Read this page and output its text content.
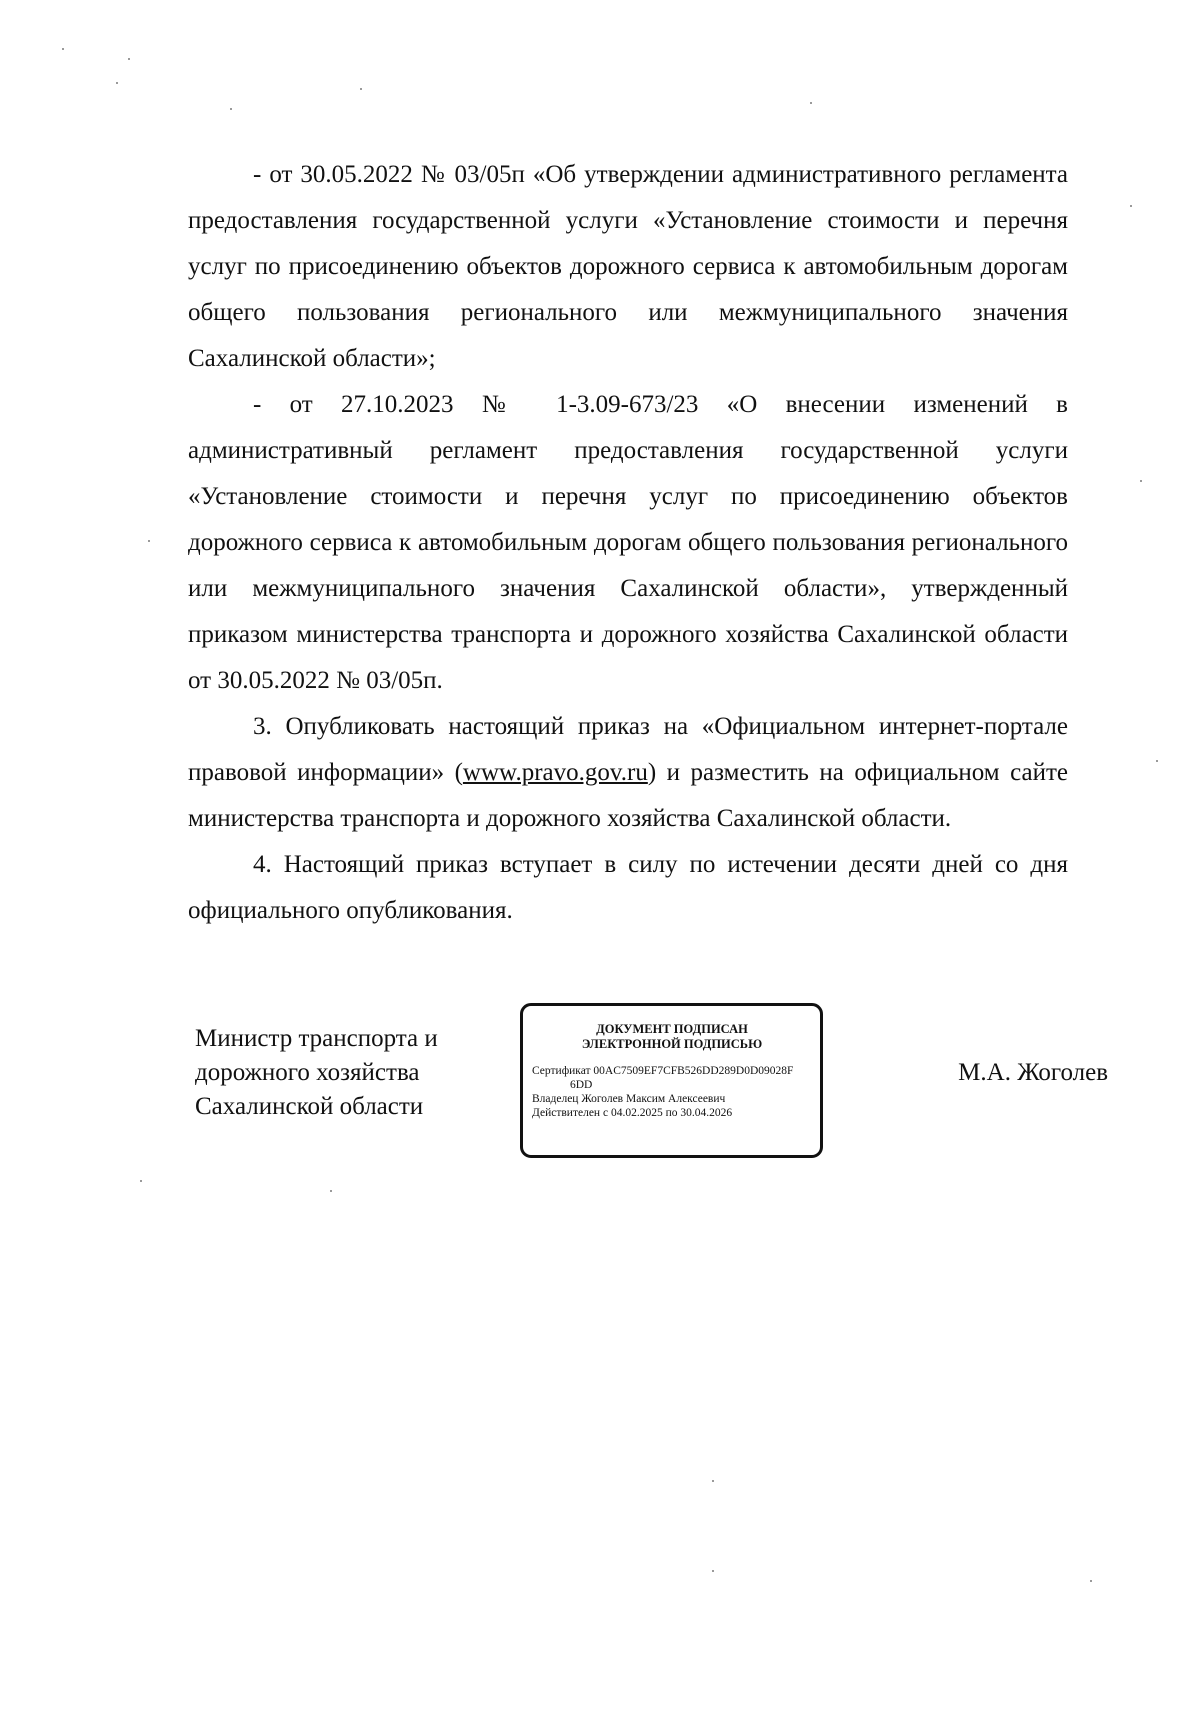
- от 30.05.2022 № 03/05п «Об утверждении административного регламента предоставления государственной услуги «Установление стоимости и перечня услуг по присоединению объектов дорожного сервиса к автомобильным дорогам общего пользования регионального или межмуниципального значения Сахалинской области»;

- от 27.10.2023 № 1-3.09-673/23 «О внесении изменений в административный регламент предоставления государственной услуги «Установление стоимости и перечня услуг по присоединению объектов дорожного сервиса к автомобильным дорогам общего пользования регионального или межмуниципального значения Сахалинской области», утвержденный приказом министерства транспорта и дорожного хозяйства Сахалинской области от 30.05.2022 № 03/05п.

3. Опубликовать настоящий приказ на «Официальном интернет-портале правовой информации» (www.pravo.gov.ru) и разместить на официальном сайте министерства транспорта и дорожного хозяйства Сахалинской области.

4. Настоящий приказ вступает в силу по истечении десяти дней со дня официального опубликования.

Министр транспорта и
дорожного хозяйства
Сахалинской области
ДОКУМЕНТ ПОДПИСАН
ЭЛЕКТРОННОЙ ПОДПИСЬЮ
Сертификат 00AC7509EF7CFB526DD289D0D09028F
6DD
Владелец Жоголев Максим Алексеевич
Действителен с 04.02.2025 по 30.04.2026
М.А. Жоголев
